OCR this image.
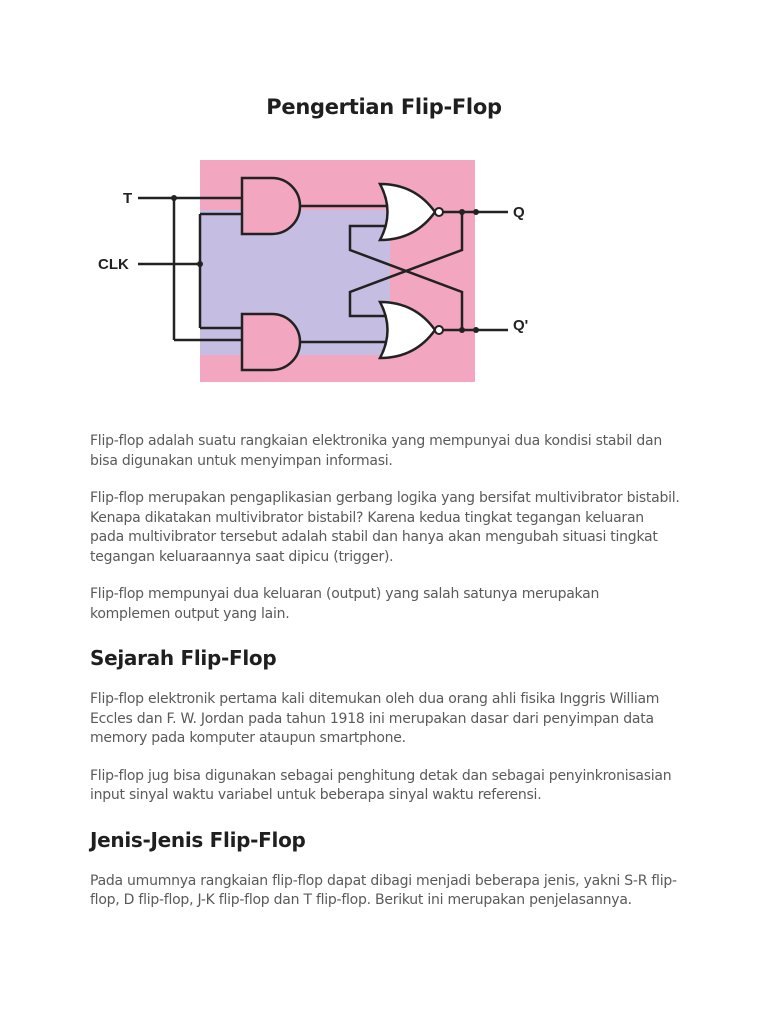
Pengertian Flip-Flop
T
CLK
Q
Q'

Flip-flop adalah suatu rangkaian elektronika yang mempunyai dua kondisi stabil dan bisa digunakan untuk menyimpan informasi.

Flip-flop merupakan pengaplikasian gerbang logika yang bersifat multivibrator bistabil. Kenapa dikatakan multivibrator bistabil? Karena kedua tingkat tegangan keluaran pada multivibrator tersebut adalah stabil dan hanya akan mengubah situasi tingkat tegangan keluaraannya saat dipicu (trigger).

Flip-flop mempunyai dua keluaran (output) yang salah satunya merupakan komplemen output yang lain.

Sejarah Flip-Flop

Flip-flop elektronik pertama kali ditemukan oleh dua orang ahli fisika Inggris William Eccles dan F. W. Jordan pada tahun 1918 ini merupakan dasar dari penyimpan data memory pada komputer ataupun smartphone.

Flip-flop jug bisa digunakan sebagai penghitung detak dan sebagai penyinkronisasian input sinyal waktu variabel untuk beberapa sinyal waktu referensi.

Jenis-Jenis Flip-Flop

Pada umumnya rangkaian flip-flop dapat dibagi menjadi beberapa jenis, yakni S-R flip-flop, D flip-flop, J-K flip-flop dan T flip-flop. Berikut ini merupakan penjelasannya.
